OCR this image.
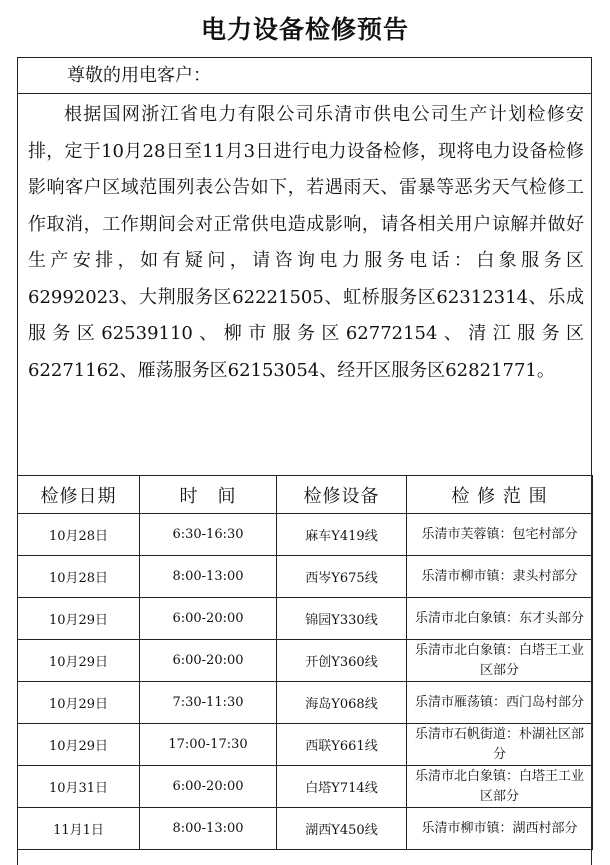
电力设备检修预告
尊敬的用电客户：
根据国网浙江省电力有限公司乐清市供电公司生产计划检修安排，定于10月28日至11月3日进行电力设备检修，现将电力设备检修影响客户区域范围列表公告如下，若遇雨天、雷暴等恶劣天气检修工作取消，工作期间会对正常供电造成影响，请各相关用户谅解并做好生产安排，如有疑问，请咨询电力服务电话：白象服务区62992023、大荆服务区62221505、虹桥服务区62312314、乐成服务区62539110、柳市服务区62772154、清江服务区62271162、雁荡服务区62153054、经开区服务区62821771。
检修日期	时　间	检修设备	检 修 范 围
10月28日	6:30-16:30	麻车Y419线	乐清市芙蓉镇：包宅村部分
10月28日	8:00-13:00	西岑Y675线	乐清市柳市镇：隶头村部分
10月29日	6:00-20:00	锦园Y330线	乐清市北白象镇：东才头部分
10月29日	6:00-20:00	开创Y360线	乐清市北白象镇：白塔王工业区部分
10月29日	7:30-11:30	海岛Y068线	乐清市雁荡镇：西门岛村部分
10月29日	17:00-17:30	西联Y661线	乐清市石帆街道：朴湖社区部分
10月31日	6:00-20:00	白塔Y714线	乐清市北白象镇：白塔王工业区部分
11月1日	8:00-13:00	湖西Y450线	乐清市柳市镇：湖西村部分
